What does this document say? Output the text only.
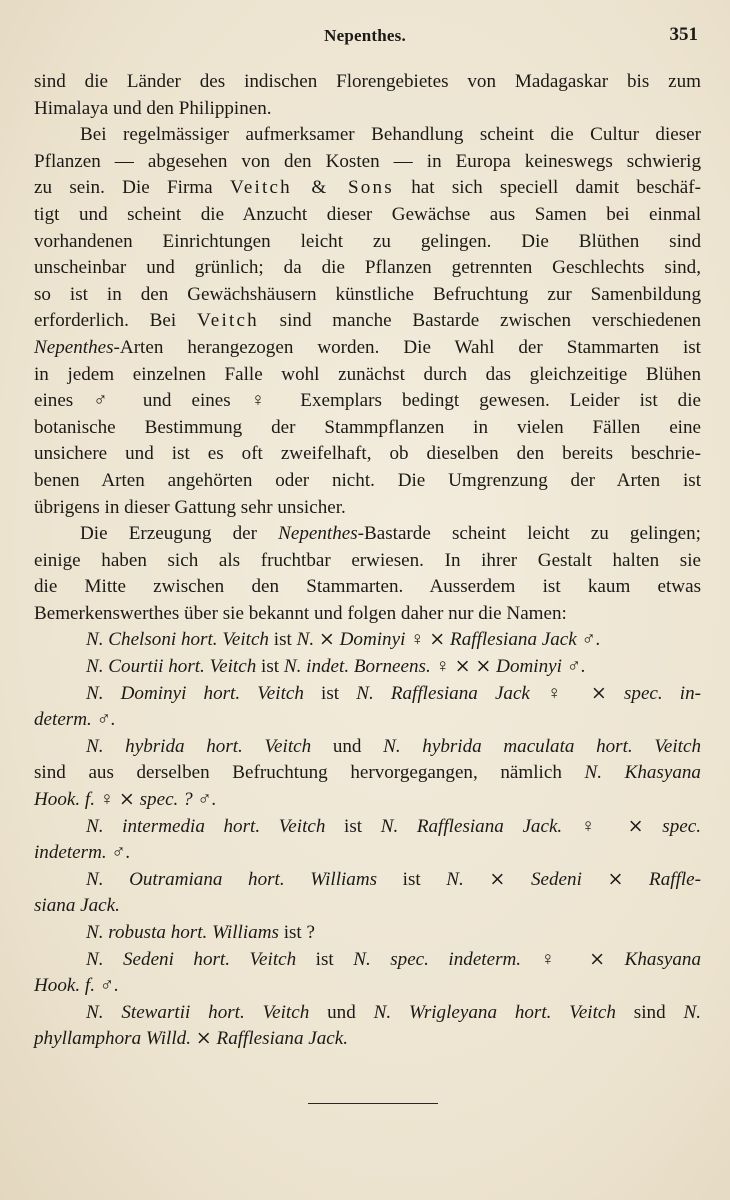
Nepenthes.	351
sind die Länder des indischen Florengebietes von Madagaskar bis zum
Himalaya und den Philippinen.
Bei regelmässiger aufmerksamer Behandlung scheint die Cultur dieser
Pflanzen — abgesehen von den Kosten — in Europa keineswegs schwierig
zu sein. Die Firma Veitch & Sons hat sich speciell damit beschäf-
tigt und scheint die Anzucht dieser Gewächse aus Samen bei einmal
vorhandenen Einrichtungen leicht zu gelingen. Die Blüthen sind
unscheinbar und grünlich; da die Pflanzen getrennten Geschlechts sind,
so ist in den Gewächshäusern künstliche Befruchtung zur Samenbildung
erforderlich. Bei Veitch sind manche Bastarde zwischen verschiedenen
Nepenthes-Arten herangezogen worden. Die Wahl der Stammarten ist
in jedem einzelnen Falle wohl zunächst durch das gleichzeitige Blühen
eines ♂ und eines ♀ Exemplars bedingt gewesen. Leider ist die
botanische Bestimmung der Stammpflanzen in vielen Fällen eine
unsichere und ist es oft zweifelhaft, ob dieselben den bereits beschrie-
benen Arten angehörten oder nicht. Die Umgrenzung der Arten ist
übrigens in dieser Gattung sehr unsicher.
Die Erzeugung der Nepenthes-Bastarde scheint leicht zu gelingen;
einige haben sich als fruchtbar erwiesen. In ihrer Gestalt halten sie
die Mitte zwischen den Stammarten. Ausserdem ist kaum etwas
Bemerkenswerthes über sie bekannt und folgen daher nur die Namen:
N. Chelsoni hort. Veitch ist N. ⨯ Dominyi ♀ ⨯ Rafflesiana Jack ♂.
N. Courtii hort. Veitch ist N. indet. Borneens. ♀ ⨯ ⨯ Dominyi ♂.
N. Dominyi hort. Veitch ist N. Rafflesiana Jack ♀ ⨯ spec. in-
determ. ♂.
N. hybrida hort. Veitch und N. hybrida maculata hort. Veitch
sind aus derselben Befruchtung hervorgegangen, nämlich N. Khasyana
Hook. f. ♀ ⨯ spec. ? ♂.
N. intermedia hort. Veitch ist N. Rafflesiana Jack. ♀ ⨯ spec.
indeterm. ♂.
N. Outramiana hort. Williams ist N. ⨯ Sedeni ⨯ Raffle-
siana Jack.
N. robusta hort. Williams ist ?
N. Sedeni hort. Veitch ist N. spec. indeterm. ♀ ⨯ Khasyana
Hook. f. ♂.
N. Stewartii hort. Veitch und N. Wrigleyana hort. Veitch sind N.
phyllamphora Willd. ⨯ Rafflesiana Jack.
